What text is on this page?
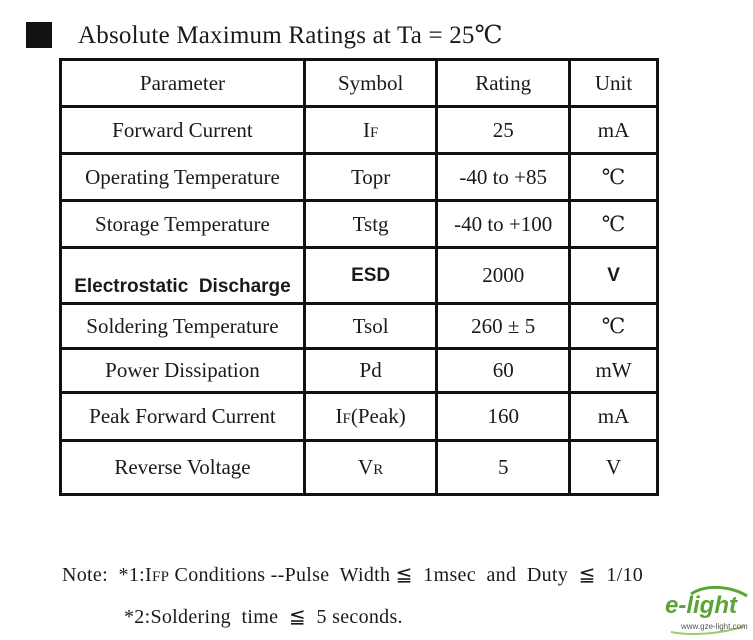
Absolute Maximum Ratings at Ta = 25℃
Parameter	Symbol	Rating	Unit
Forward Current	IF	25	mA
Operating Temperature	Topr	-40 to +85	℃
Storage Temperature	Tstg	-40 to +100	℃
Electrostatic  Discharge	ESD	2000	V
Soldering Temperature	Tsol	260 ± 5	℃
Power Dissipation	Pd	60	mW
Peak Forward Current	IF(Peak)	160	mA
Reverse Voltage	VR	5	V
Note:  *1:IFP Conditions --Pulse  Width ≦  1msec  and  Duty  ≦  1/10
*2:Soldering  time  ≦  5 seconds.	e-light
www.gze-light.com
